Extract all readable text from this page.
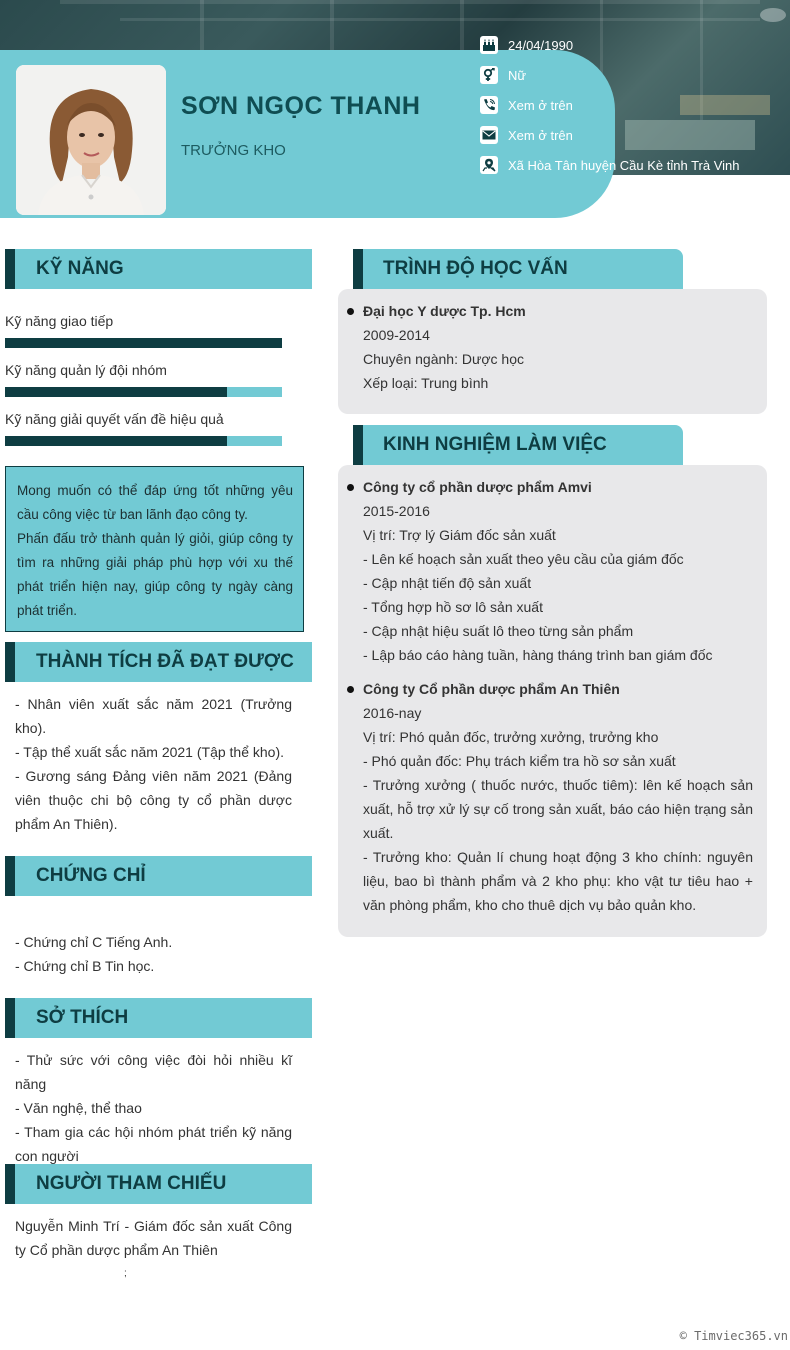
SƠN NGỌC THANH
TRƯỞNG KHO
24/04/1990
Nữ
Xem ở trên
Xem ở trên
Xã Hòa Tân huyện Cầu Kè tỉnh Trà Vinh
KỸ NĂNG
Kỹ năng giao tiếp
Kỹ năng quản lý đội nhóm
Kỹ năng giải quyết vấn đề hiệu quả
Mong muốn có thể đáp ứng tốt những yêu cầu công việc từ ban lãnh đạo công ty.
Phấn đấu trở thành quản lý giỏi, giúp công ty tìm ra những giải pháp phù hợp với xu thế phát triển hiện nay, giúp công ty ngày càng phát triển.
THÀNH TÍCH ĐÃ ĐẠT ĐƯỢC
- Nhân viên xuất sắc năm 2021 (Trưởng kho).
- Tập thể xuất sắc năm 2021 (Tập thể kho).
- Gương sáng Đảng viên năm 2021 (Đảng viên thuộc chi bộ công ty cổ phần dược phẩm An Thiên).
CHỨNG CHỈ
- Chứng chỉ C Tiếng Anh.
- Chứng chỉ B Tin học.
SỞ THÍCH
- Thử sức với công việc đòi hỏi nhiều kĩ năng
- Văn nghệ, thể thao
- Tham gia các hội nhóm phát triển kỹ năng con người
NGƯỜI THAM CHIẾU
Nguyễn Minh Trí - Giám đốc sản xuất Công ty Cổ phần dược phẩm An Thiên
;
TRÌNH ĐỘ HỌC VẤN
Đại học Y dược Tp. Hcm
2009-2014
Chuyên ngành: Dược học
Xếp loại: Trung bình
KINH NGHIỆM LÀM VIỆC
Công ty cổ phần dược phẩm Amvi
2015-2016
Vị trí: Trợ lý Giám đốc sản xuất
- Lên kế hoạch sản xuất theo yêu cầu của giám đốc
- Cập nhật tiến độ sản xuất
- Tổng hợp hồ sơ lô sản xuất
- Cập nhật hiệu suất lô theo từng sản phẩm
- Lập báo cáo hàng tuần, hàng tháng trình ban giám đốc
Công ty Cổ phần dược phẩm An Thiên
2016-nay
Vị trí: Phó quản đốc, trưởng xưởng, trưởng kho
- Phó quản đốc: Phụ trách kiểm tra hồ sơ sản xuất
- Trưởng xưởng ( thuốc nước, thuốc tiêm): lên kế hoạch sản xuất, hỗ trợ xử lý sự cố trong sản xuất, báo cáo hiện trạng sản xuất.
- Trưởng kho: Quản lí chung hoạt động 3 kho chính: nguyên liệu, bao bì thành phẩm và 2 kho phụ: kho vật tư tiêu hao + văn phòng phẩm, kho cho thuê dịch vụ bảo quản kho.
© Timviec365.vn
